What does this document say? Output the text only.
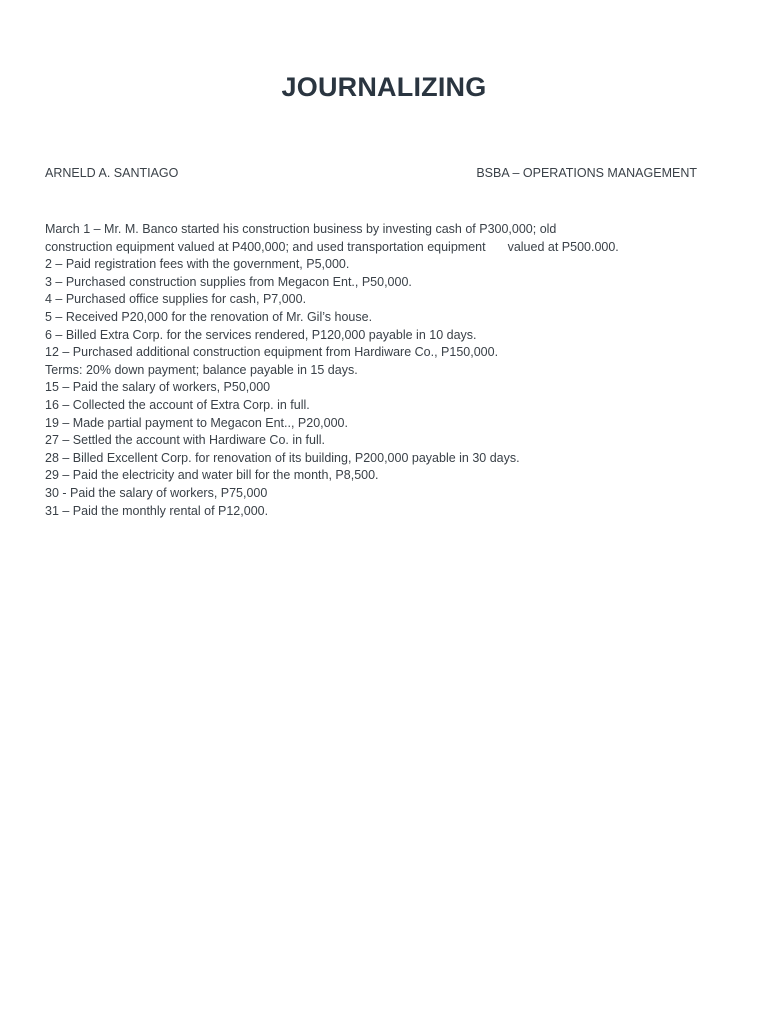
JOURNALIZING
ARNELD A. SANTIAGO	BSBA – OPERATIONS MANAGEMENT
March 1 – Mr. M. Banco started his construction business by investing cash of P300,000; old
construction equipment valued at P400,000; and used transportation equipment valued at P500.000.
2 – Paid registration fees with the government, P5,000.
3 – Purchased construction supplies from Megacon Ent., P50,000.
4 – Purchased office supplies for cash, P7,000.
5 – Received P20,000 for the renovation of Mr. Gil’s house.
6 – Billed Extra Corp. for the services rendered, P120,000 payable in 10 days.
12 – Purchased additional construction equipment from Hardiware Co., P150,000.
Terms: 20% down payment; balance payable in 15 days.
15 – Paid the salary of workers, P50,000
16 – Collected the account of Extra Corp. in full.
19 – Made partial payment to Megacon Ent.., P20,000.
27 – Settled the account with Hardiware Co. in full.
28 – Billed Excellent Corp. for renovation of its building, P200,000 payable in 30 days.
29 – Paid the electricity and water bill for the month, P8,500.
30 - Paid the salary of workers, P75,000
31 – Paid the monthly rental of P12,000.
